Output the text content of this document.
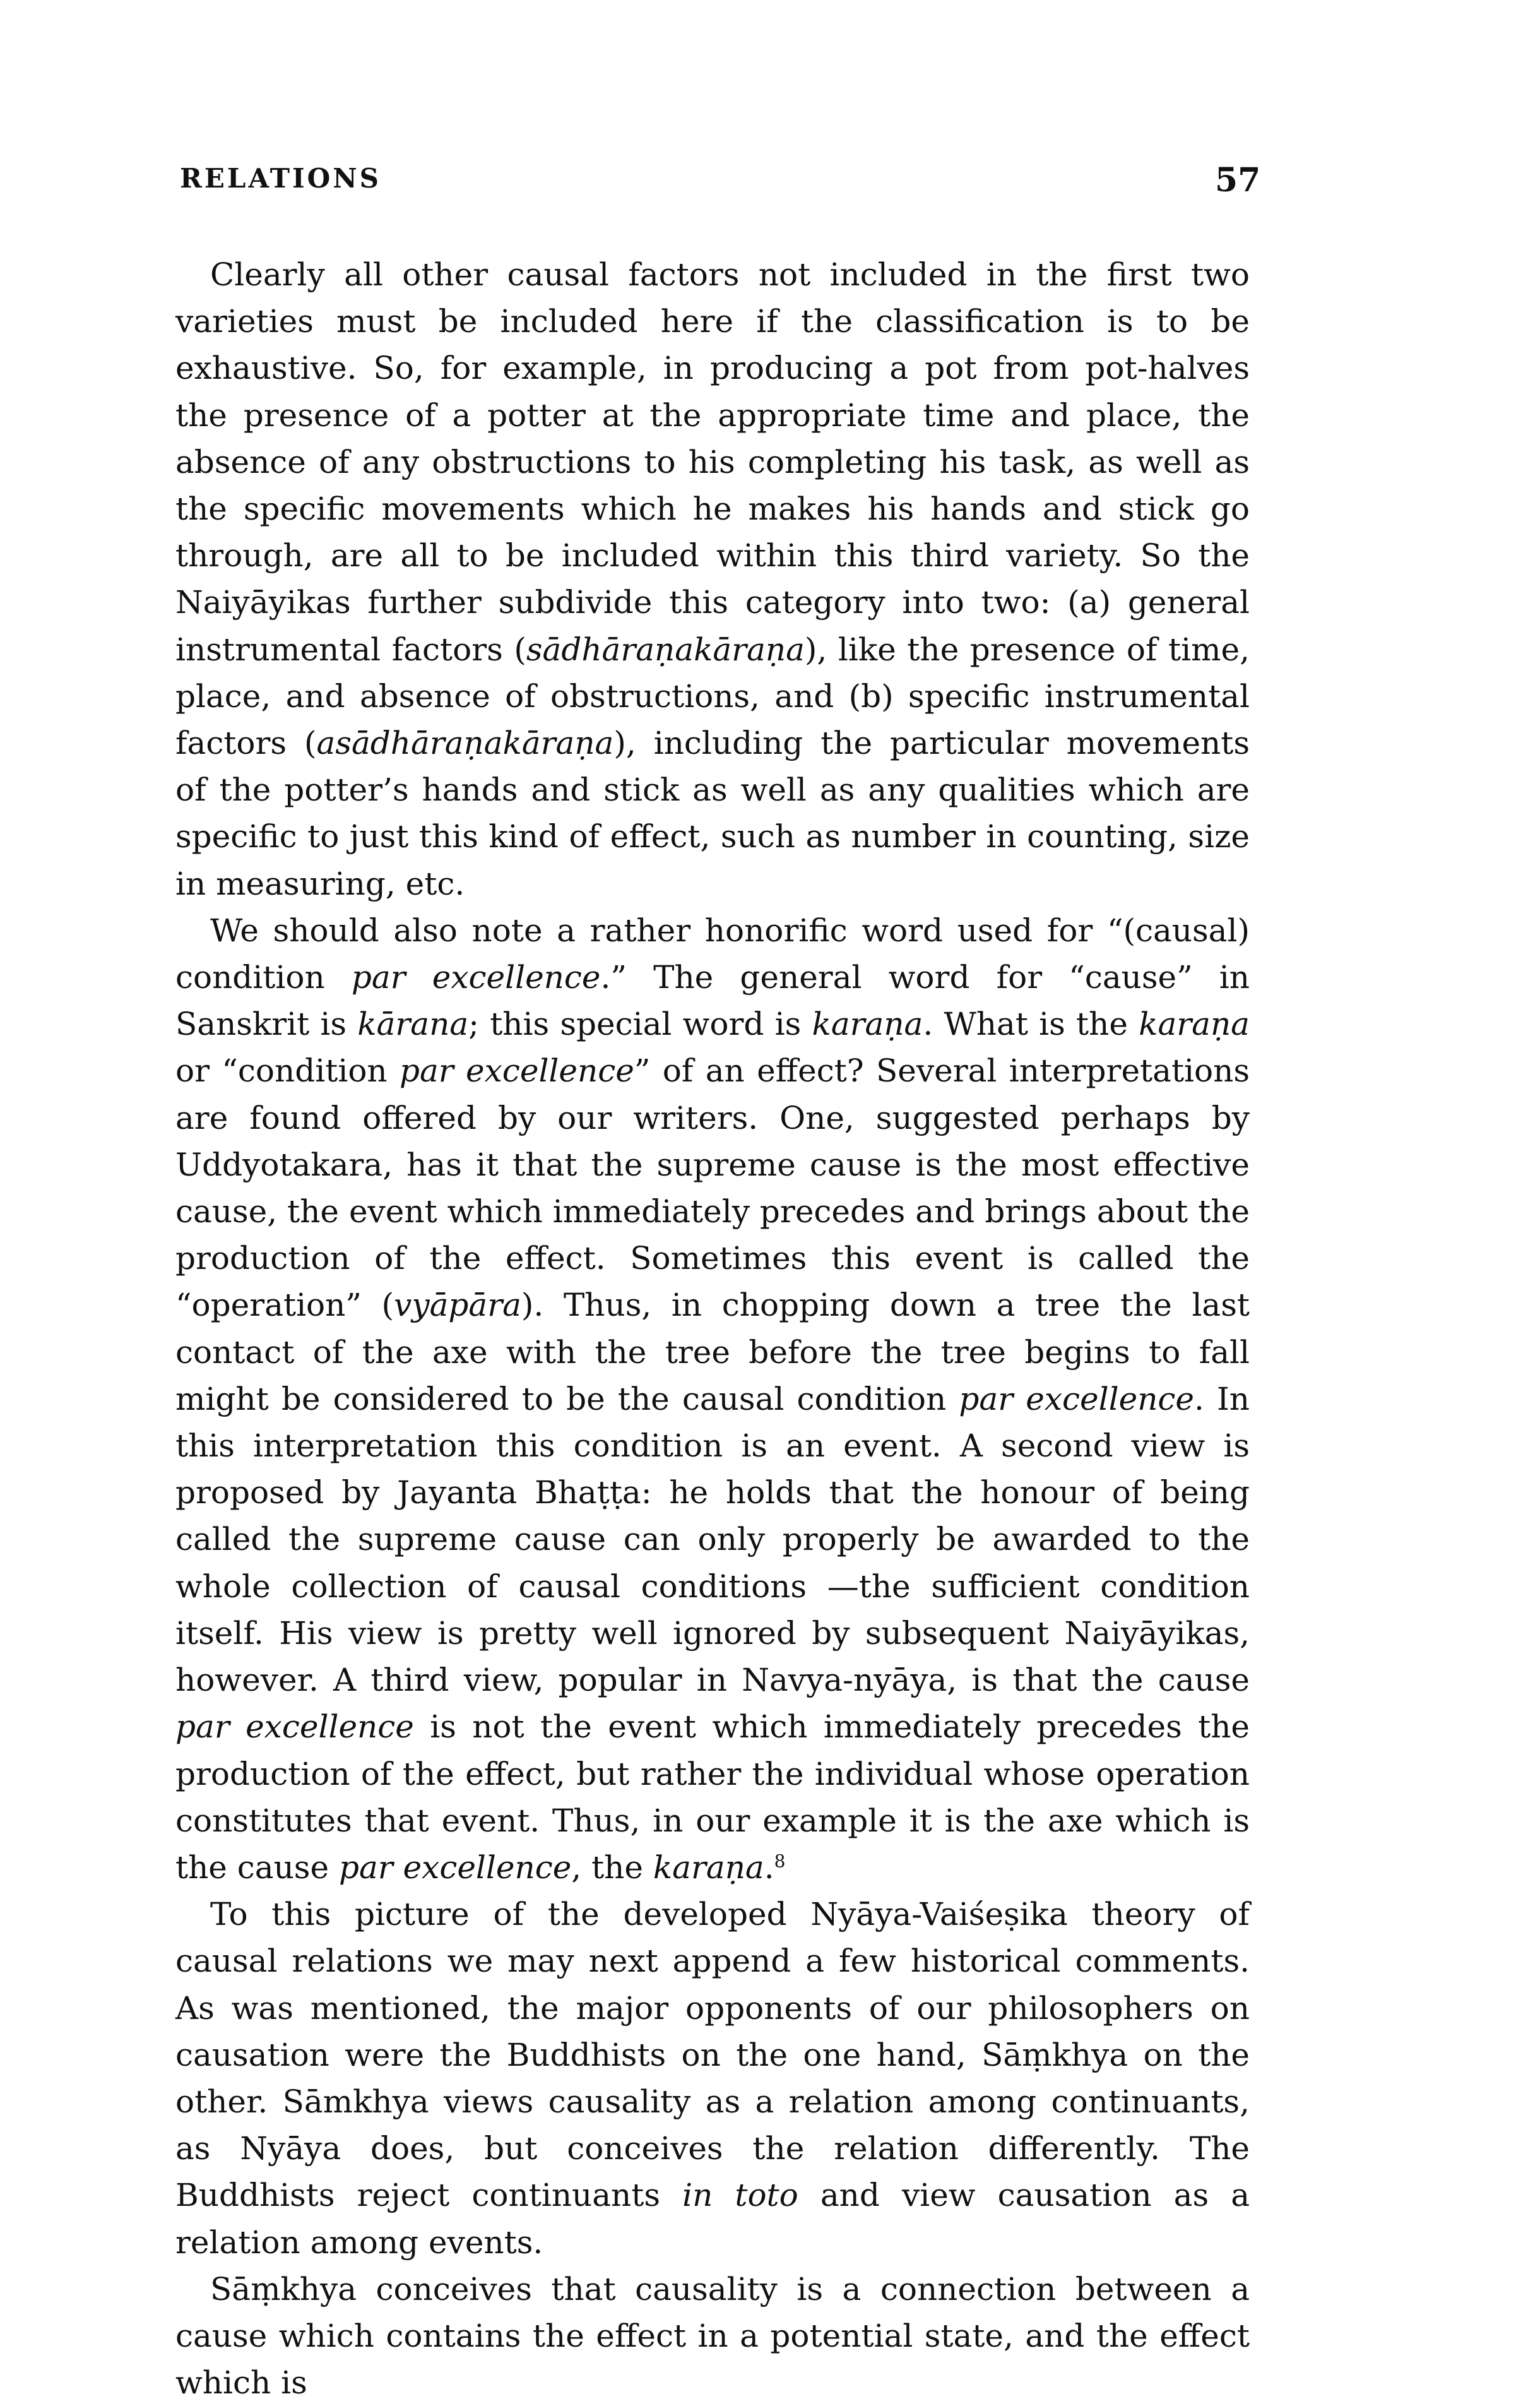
RELATIONS	57

Clearly all other causal factors not included in the first two varieties must be included here if the classification is to be exhaustive. So, for example, in producing a pot from pot-halves the presence of a potter at the appropriate time and place, the absence of any obstructions to his completing his task, as well as the specific movements which he makes his hands and stick go through, are all to be included within this third variety. So the Naiyāyikas further subdivide this category into two: (a) general instrumental factors (sādhāraṇakāraṇa), like the presence of time, place, and absence of obstructions, and (b) specific instrumental factors (asādhāraṇakāraṇa), including the particular movements of the potter’s hands and stick as well as any qualities which are specific to just this kind of effect, such as number in counting, size in measuring, etc.

We should also note a rather honorific word used for “(causal) condition par excellence.” The general word for “cause” in Sanskrit is kārana; this special word is karaṇa. What is the karaṇa or “condition par excellence” of an effect? Several interpretations are found offered by our writers. One, suggested perhaps by Uddyotakara, has it that the supreme cause is the most effective cause, the event which immediately precedes and brings about the production of the effect. Sometimes this event is called the “operation” (vyāpāra). Thus, in chopping down a tree the last contact of the axe with the tree before the tree begins to fall might be considered to be the causal condition par excellence. In this interpretation this condition is an event. A second view is proposed by Jayanta Bhaṭṭa: he holds that the honour of being called the supreme cause can only properly be awarded to the whole collection of causal conditions —the sufficient condition itself. His view is pretty well ignored by subsequent Naiyāyikas, however. A third view, popular in Navya-nyāya, is that the cause par excellence is not the event which immediately precedes the production of the effect, but rather the individual whose operation constitutes that event. Thus, in our example it is the axe which is the cause par excellence, the karaṇa.$^8$

To this picture of the developed Nyāya-Vaiśeṣika theory of causal relations we may next append a few historical comments. As was mentioned, the major opponents of our philosophers on causation were the Buddhists on the one hand, Sāṃkhya on the other. Sāmkhya views causality as a relation among continuants, as Nyāya does, but conceives the relation differently. The Buddhists reject continuants in toto and view causation as a relation among events.

Sāṃkhya conceives that causality is a connection between a cause which contains the effect in a potential state, and the effect which is
